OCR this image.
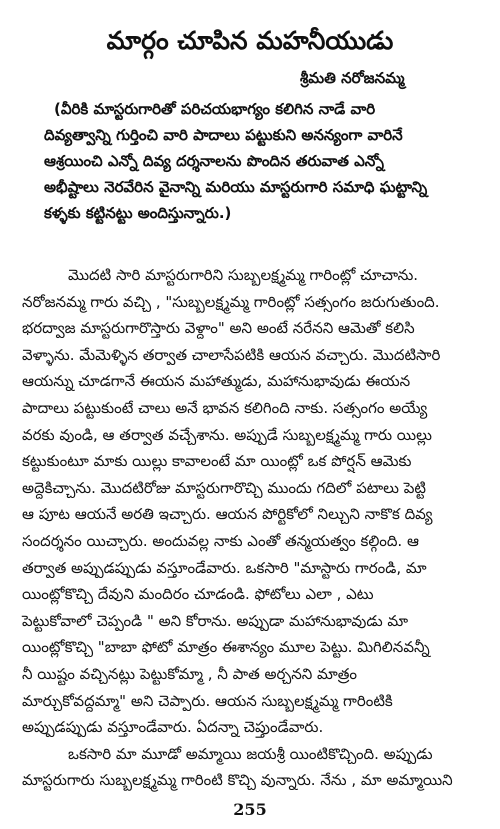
మార్గం చూపిన మహనీయుడు
శ్రీమతి నరోజనమ్మ
(వీరికి మాస్టరుగారితో పరిచయభాగ్యం కలిగిన నాడే వారి
దివ్యత్వాన్ని గుర్తించి వారి పాదాలు పట్టుకుని అనన్యంగా వారినే
ఆశ్రయించి ఎన్నో దివ్య దర్శనాలను పొందిన తరువాత ఎన్నో
అభీష్టాలు నెరవేరిన వైనాన్ని మరియు మాస్టరుగారి సమాధి ఘట్టాన్ని
కళ్ళకు కట్టినట్టు అందిస్తున్నారు.)
మొదటి సారి మాస్టరుగారిని సుబ్బలక్ష్మమ్మ గారింట్లో చూచాను.
నరోజనమ్మ గారు వచ్చి , "సుబ్బలక్ష్మమ్మ గారింట్లో సత్సంగం జరుగుతుంది.
భరద్వాజ మాస్టరుగారొస్తారు వెళ్దాం" అని అంటే నరేనని ఆమెతో కలిసి
వెళ్ళాను. మేమెళ్ళిన తర్వాత చాలాసేపటికి ఆయన వచ్చారు. మొదటిసారి
ఆయన్ను చూడగానే ఈయన మహాత్ముడు, మహానుభావుడు ఈయన
పాదాలు పట్టుకుంటే చాలు అనే భావన కలిగింది నాకు. సత్సంగం అయ్యే
వరకు వుండి, ఆ తర్వాత వచ్చేశాను. అప్పుడే సుబ్బలక్ష్మమ్మ గారు యిల్లు
కట్టుకుంటూ మాకు యిల్లు కావాలంటే మా యింట్లో ఒక పోర్షన్ ఆమెకు
అద్దెకిచ్చాను. మొదటిరోజు మాస్టరుగారొచ్చి ముందు గదిలో పటాలు పెట్టి
ఆ పూట ఆయనే అరతి ఇచ్చారు. ఆయన పోర్టికోలో నిల్చుని నాకొక దివ్య
సందర్శనం యిచ్చారు. అందువల్ల నాకు ఎంతో తన్మయత్వం కల్గింది. ఆ
తర్వాత అప్పుడప్పుడు వస్తూండేవారు. ఒకసారి "మాస్టారు గారండి, మా
యింట్లోకొచ్చి దేవుని మందిరం చూడండి. ఫోటోలు ఎలా , ఎటు
పెట్టుకోవాలో చెప్పండి " అని కోరాను. అప్పుడా మహానుభావుడు మా
యింట్లోకొచ్చి "బాబా ఫోటో మాత్రం ఈశాన్యం మూల పెట్టు. మిగిలినవన్నీ
నీ యిష్టం వచ్చినట్లు పెట్టుకోమ్మా , నీ పాత అర్చనని మాత్రం
మార్చుకోవద్దమ్మా" అని చెప్పారు. ఆయన సుబ్బలక్ష్మమ్మ గారింటికి
అప్పుడప్పుడు వస్తూండేవారు. ఏదన్నా చెప్తుండేవారు.
ఒకసారి మా మూడో అమ్మాయి జయశ్రీ యింటికొచ్చింది. అప్పుడు
మాస్టరుగారు సుబ్బలక్ష్మమ్మ గారింటి కొచ్చి వున్నారు. నేను , మా అమ్మాయిని
255
